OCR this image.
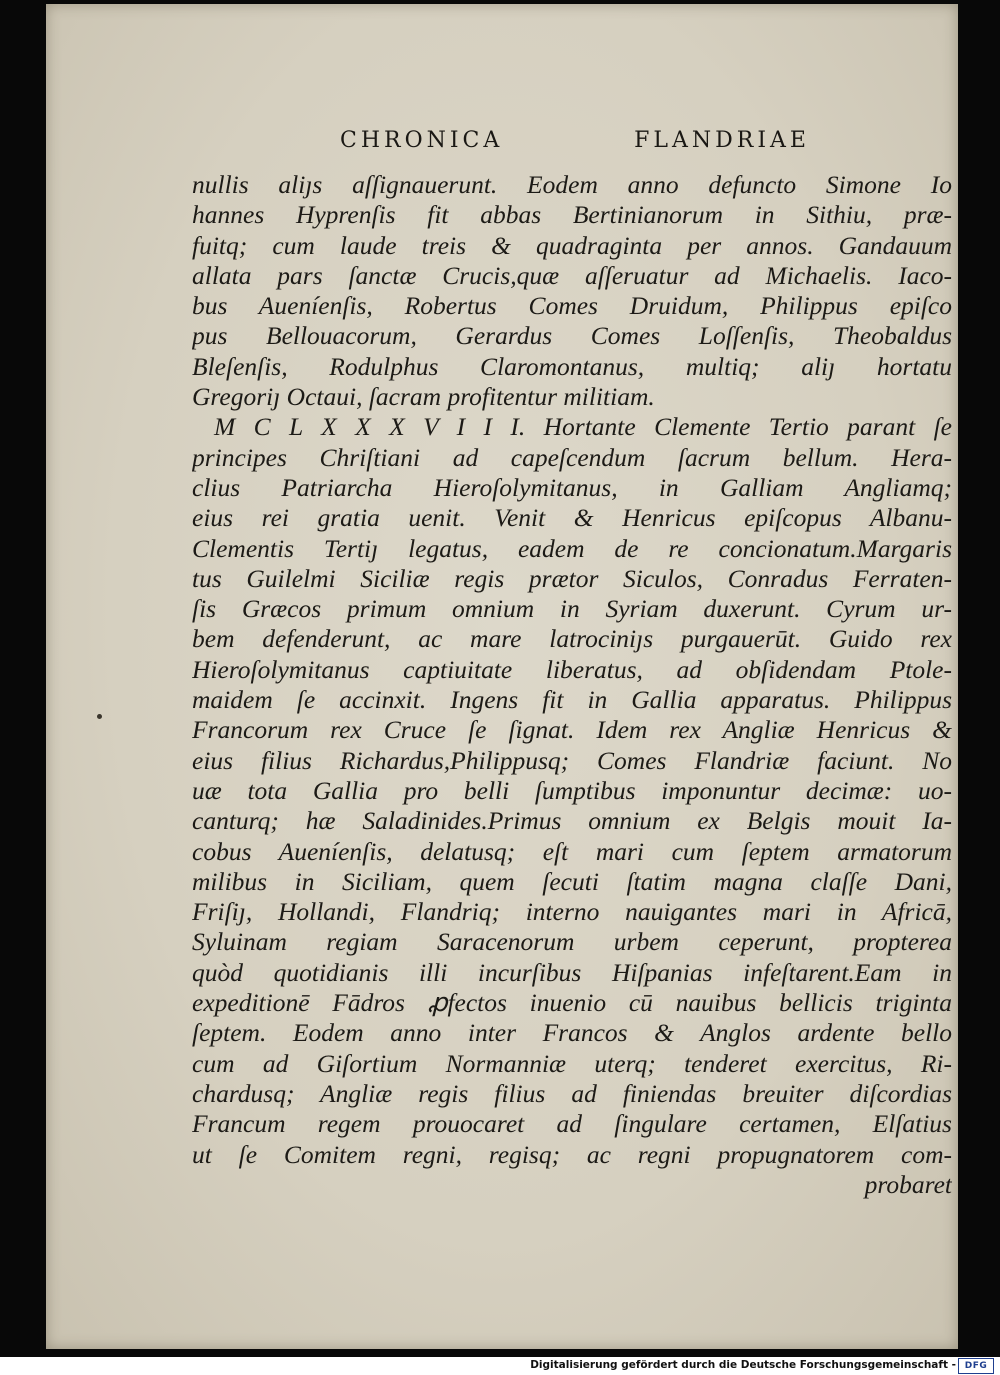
CHRONICA	FLANDRIAE
nullis aliȷs aſſignauerunt. Eodem anno defuncto Simone Io
hannes Hyprenſis fit abbas Bertinianorum in Sithiu, præ-
fuitq; cum laude treis & quadraginta per annos. Gandauum
allata pars ſanctæ Crucis,quæ aſſeruatur ad Michaelis. Iaco-
bus Aueníenſis, Robertus Comes Druidum, Philippus epiſco
pus Bellouacorum, Gerardus Comes Loſſenſis, Theobaldus
Bleſenſis, Rodulphus Claromontanus, multiq; aliȷ hortatu
Gregoriȷ Octaui, ſacram profitentur militiam.
M C L X X X V I I I. Hortante Clemente Tertio parant ſe
principes Chriſtiani ad capeſcendum ſacrum bellum. Hera-
clius Patriarcha Hieroſolymitanus, in Galliam Angliamq;
eius rei gratia uenit. Venit & Henricus epiſcopus Albanu-
Clementis Tertiȷ legatus, eadem de re concionatum.Margaris
tus Guilelmi Siciliæ regis prætor Siculos, Conradus Ferraten-
ſis Græcos primum omnium in Syriam duxerunt. Cyrum ur-
bem defenderunt, ac mare latrociniȷs purgauerūt. Guido rex
Hieroſolymitanus captiuitate liberatus, ad obſidendam Ptole-
maidem ſe accinxit. Ingens fit in Gallia apparatus. Philippus
Francorum rex Cruce ſe ſignat. Idem rex Angliæ Henricus &
eius filius Richardus,Philippusq; Comes Flandriæ faciunt. No
uæ tota Gallia pro belli ſumptibus imponuntur decimæ: uo-
canturq; hæ Saladinides.Primus omnium ex Belgis mouit Ia-
cobus Aueníenſis, delatusq; eſt mari cum ſeptem armatorum
milibus in Siciliam, quem ſecuti ſtatim magna claſſe Dani,
Friſiȷ, Hollandi, Flandriq; interno nauigantes mari in Africā,
Syluinam regiam Saracenorum urbem ceperunt, propterea
quòd quotidianis illi incurſibus Hiſpanias infeſtarent.Eam in
expeditionē Fādros ꝓfectos inuenio cū nauibus bellicis triginta
ſeptem. Eodem anno inter Francos & Anglos ardente bello
cum ad Giſortium Normanniæ uterq; tenderet exercitus, Ri-
chardusq; Angliæ regis filius ad finiendas breuiter diſcordias
Francum regem prouocaret ad ſingulare certamen, Elſatius
ut ſe Comitem regni, regisq; ac regni propugnatorem com-
probaret
Digitalisierung gefördert durch die Deutsche Forschungsgemeinschaft - DFG
